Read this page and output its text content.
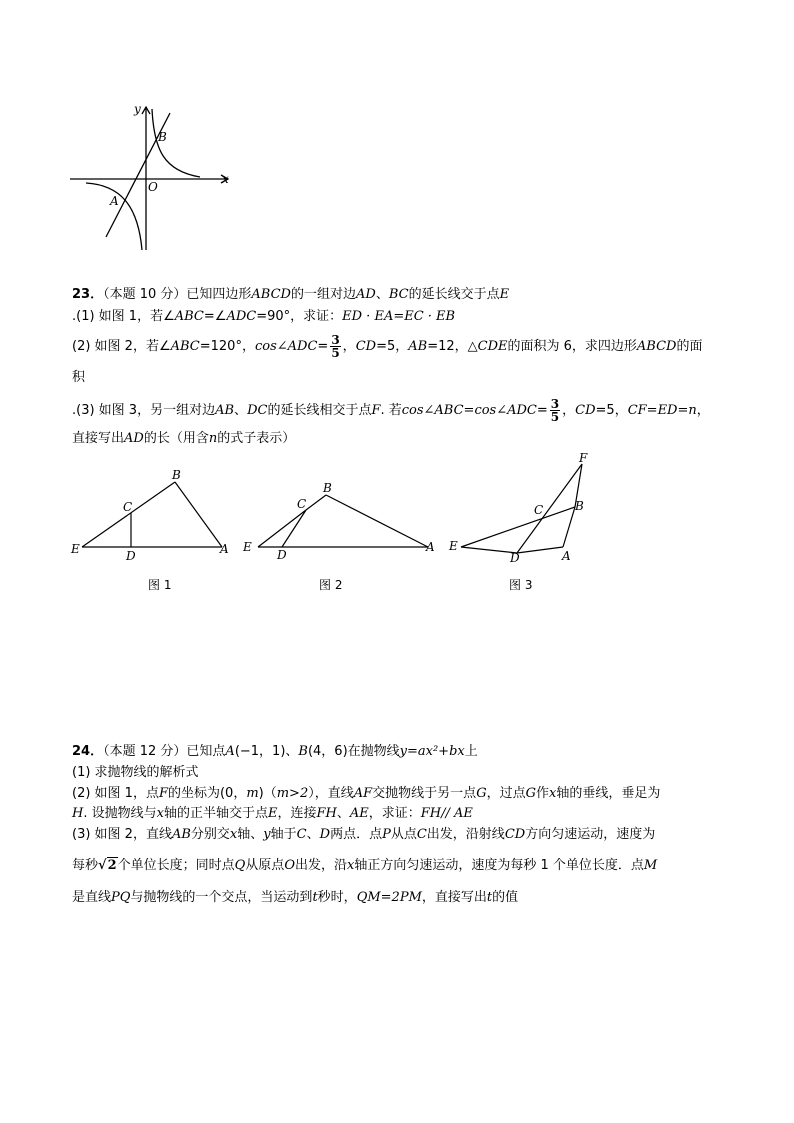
y
x
O
A
B
23．（本题 10 分）已知四边形ABCD的一组对边AD、BC的延长线交于点E
.(1) 如图 1，若∠ABC=∠ADC=90°，求证：ED · EA=EC · EB
(2) 如图 2，若∠ABC=120°，cos∠ADC= $\frac{3}{5}$ ，CD=5，AB=12，△CDE的面积为 6，求四边形ABCD的面
积
.(3) 如图 3，另一组对边AB、DC的延长线相交于点F. 若cos∠ABC=cos∠ADC= $\frac{3}{5}$ ，CD=5，CF=ED=n，
直接写出AD的长（用含n的式子表示）
E	D
C
B
A
图 1
E
D
C
B
A
图 2
E
D
C	B
A
F
图 3
24．（本题 12 分）已知点A(−1，1)、B(4，6)在抛物线y=ax²+bx上
(1) 求抛物线的解析式
(2) 如图 1，点F的坐标为(0，m)（m>2），直线AF交抛物线于另一点G，过点G作x轴的垂线，垂足为
H. 设抛物线与x轴的正半轴交于点E，连接FH、AE，求证：FH// AE
(3) 如图 2，直线AB分别交x轴、y轴于C、D两点．点P从点C出发，沿射线CD方向匀速运动，速度为
每秒√2个单位长度；同时点Q从原点O出发，沿x轴正方向匀速运动，速度为每秒 1 个单位长度．点M
是直线PQ与抛物线的一个交点，当运动到t秒时，QM=2PM，直接写出t的值
